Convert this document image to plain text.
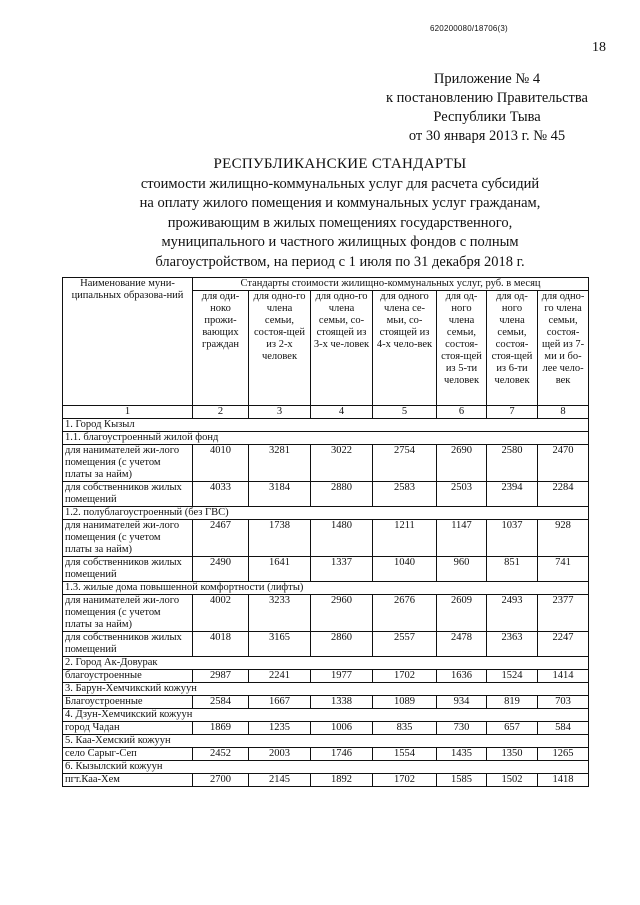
620200080/18706(3)
18
Приложение № 4
к постановлению Правительства
Республики Тыва
от 30 января 2013 г. № 45
РЕСПУБЛИКАНСКИЕ СТАНДАРТЫ
стоимости жилищно-коммунальных услуг для расчета субсидий
на оплату жилого помещения и коммунальных услуг гражданам,
проживающим в жилых помещениях государственного,
муниципального и частного жилищных фондов с полным
благоустройством, на период с 1 июля по 31 декабря 2018 г.
Наименование муни-ципальных образова-ний	Стандарты стоимости жилищно-коммунальных услуг, руб. в месяц						
	для оди-ноко прожи-вающих граждан	для одно-го члена семьи, состоя-щей из 2-х человек	для одно-го члена семьи, со-стоящей из 3-х че-ловек	для одного члена се-мьи, со-стоящей из 4-х чело-век	для од-ного члена семьи, состоя-стоя-щей из 5-ти человек	для од-ного члена семьи, состоя-стоя-щей из 6-ти человек	для одно-го члена семьи, состоя-щей из 7-ми и бо-лее чело-век
1	2	3	4	5	6	7	8
1. Город Кызыл							
1.1. благоустроенный жилой фонд							
для нанимателей жи-лого помещения (с учетом платы за найм)	4010	3281	3022	2754	2690	2580	2470
для собственников жилых помещений	4033	3184	2880	2583	2503	2394	2284
1.2. полублагоустроенный (без ГВС)							
для нанимателей жи-лого помещения (с учетом платы за найм)	2467	1738	1480	1211	1147	1037	928
для собственников жилых помещений	2490	1641	1337	1040	960	851	741
1.3. жилые дома повышенной комфортности (лифты)							
для нанимателей жи-лого помещения (с учетом платы за найм)	4002	3233	2960	2676	2609	2493	2377
для собственников жилых помещений	4018	3165	2860	2557	2478	2363	2247
2. Город Ак-Довурак							
благоустроенные	2987	2241	1977	1702	1636	1524	1414
3. Барун-Хемчикский кожуун							
Благоустроенные	2584	1667	1338	1089	934	819	703
4. Дзун-Хемчикский кожуун							
город Чадан	1869	1235	1006	835	730	657	584
5. Каа-Хемский кожуун							
село Сарыг-Сеп	2452	2003	1746	1554	1435	1350	1265
6. Кызылский кожуун							
пгт.Каа-Хем	2700	2145	1892	1702	1585	1502	1418
